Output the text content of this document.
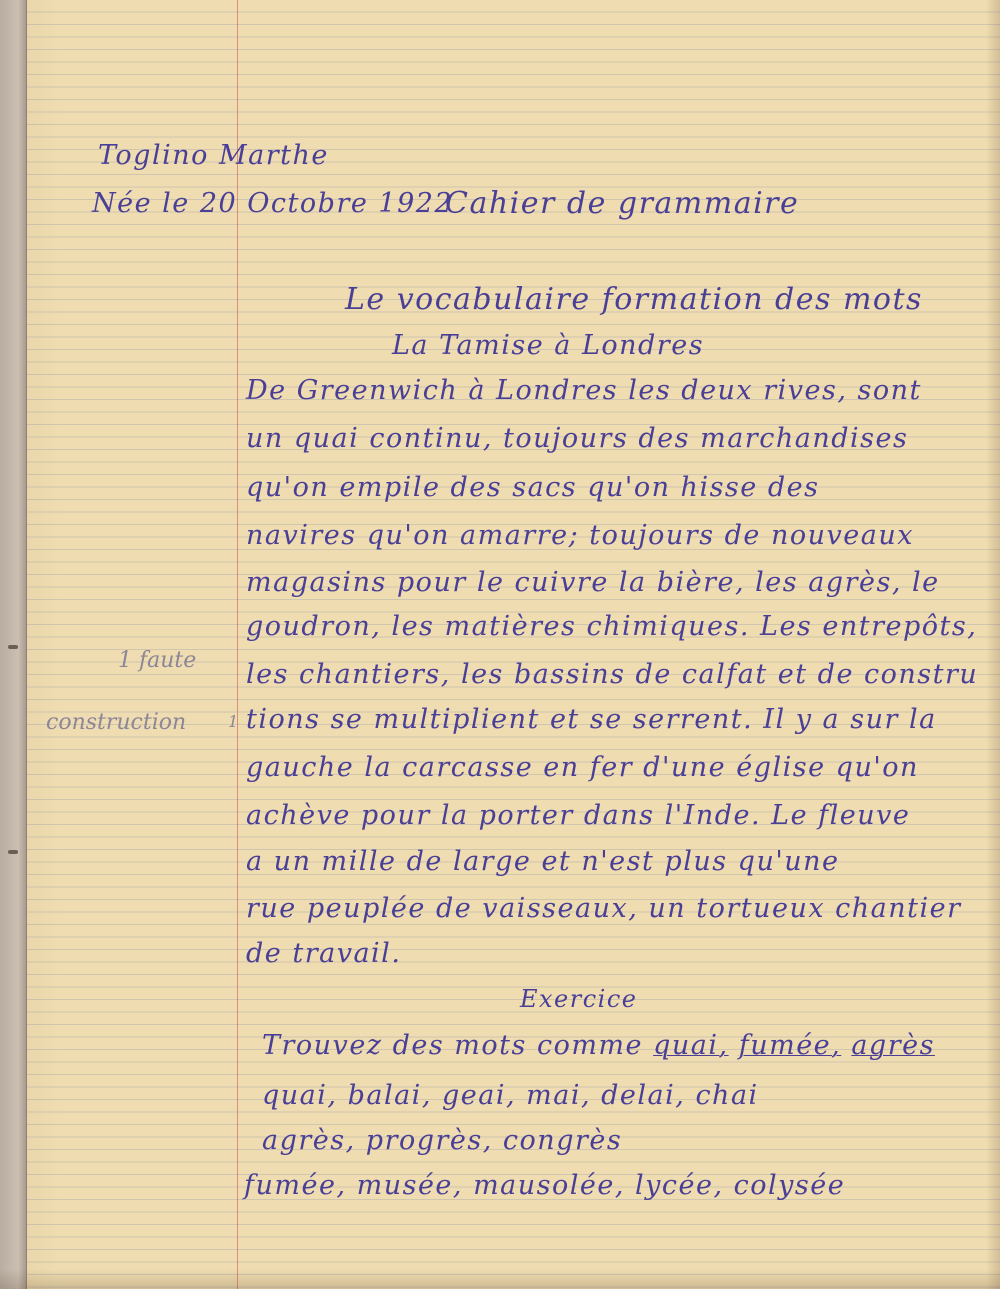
Toglino Marthe
Née le 20 Octobre 1922
Cahier de grammaire
Le vocabulaire formation des mots
La Tamise à Londres
De Greenwich à Londres les deux rives, sont
un quai continu, toujours des marchandises
qu'on empile des sacs qu'on hisse des
navires qu'on amarre; toujours de nouveaux
magasins pour le cuivre la bière, les agrès, le
goudron, les matières chimiques. Les entrepôts,
les chantiers, les bassins de calfat et de constru
tions se multiplient et se serrent. Il y a sur la
gauche la carcasse en fer d'une église qu'on
achève pour la porter dans l'Inde. Le fleuve
a un mille de large et n'est plus qu'une
rue peuplée de vaisseaux, un tortueux chantier
de travail.
Exercice
Trouvez des mots comme quai, fumée, agrès
quai, balai, geai, mai, delai, chai
agrès, progrès, congrès
fumée, musée, mausolée, lycée, colysée
1 faute
construction	1
